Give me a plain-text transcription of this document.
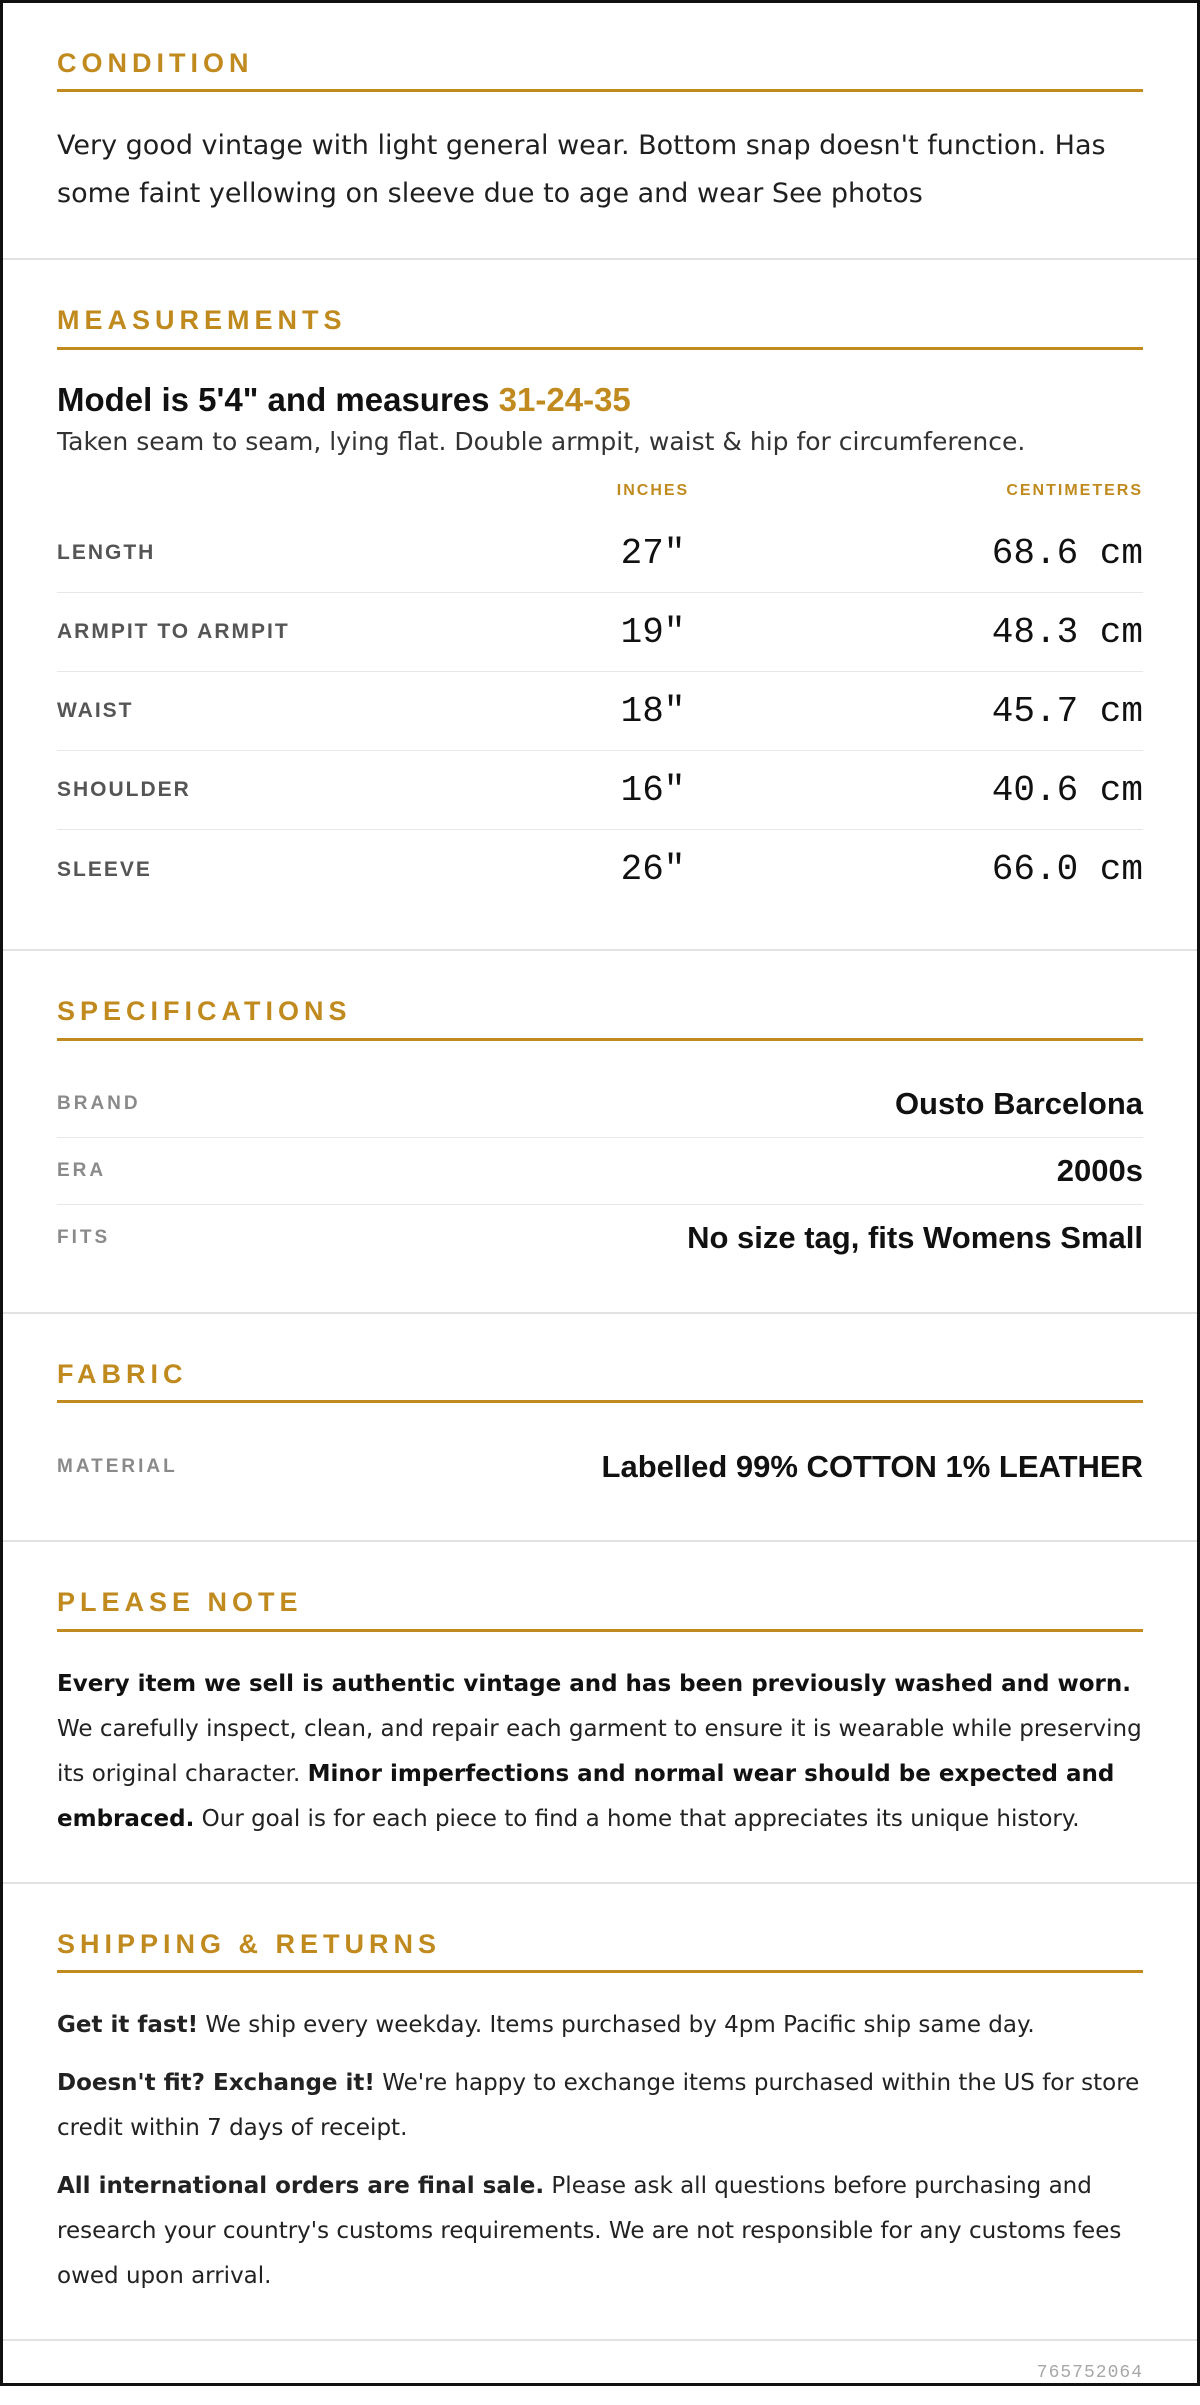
CONDITION

Very good vintage with light general wear. Bottom snap doesn't function. Has some faint yellowing on sleeve due to age and wear See photos

MEASUREMENTS
Model is 5'4" and measures 31-24-35

Taken seam to seam, lying flat. Double armpit, waist & hip for circumference.

INCHES	CENTIMETERS
LENGTH	27"	68.6 cm
ARMPIT TO ARMPIT	19"	48.3 cm
WAIST	18"	45.7 cm
SHOULDER	16"	40.6 cm
SLEEVE	26"	66.0 cm
SPECIFICATIONS
BRAND	Ousto Barcelona
ERA	2000s
FITS	No size tag, fits Womens Small
FABRIC
MATERIAL	Labelled 99% COTTON 1% LEATHER
PLEASE NOTE

Every item we sell is authentic vintage and has been previously washed and worn. We carefully inspect, clean, and repair each garment to ensure it is wearable while preserving its original character. Minor imperfections and normal wear should be expected and embraced. Our goal is for each piece to find a home that appreciates its unique history.

SHIPPING & RETURNS

Get it fast! We ship every weekday. Items purchased by 4pm Pacific ship same day.

Doesn't fit? Exchange it! We're happy to exchange items purchased within the US for store credit within 7 days of receipt.

All international orders are final sale. Please ask all questions before purchasing and research your country's customs requirements. We are not responsible for any customs fees owed upon arrival.

765752064
